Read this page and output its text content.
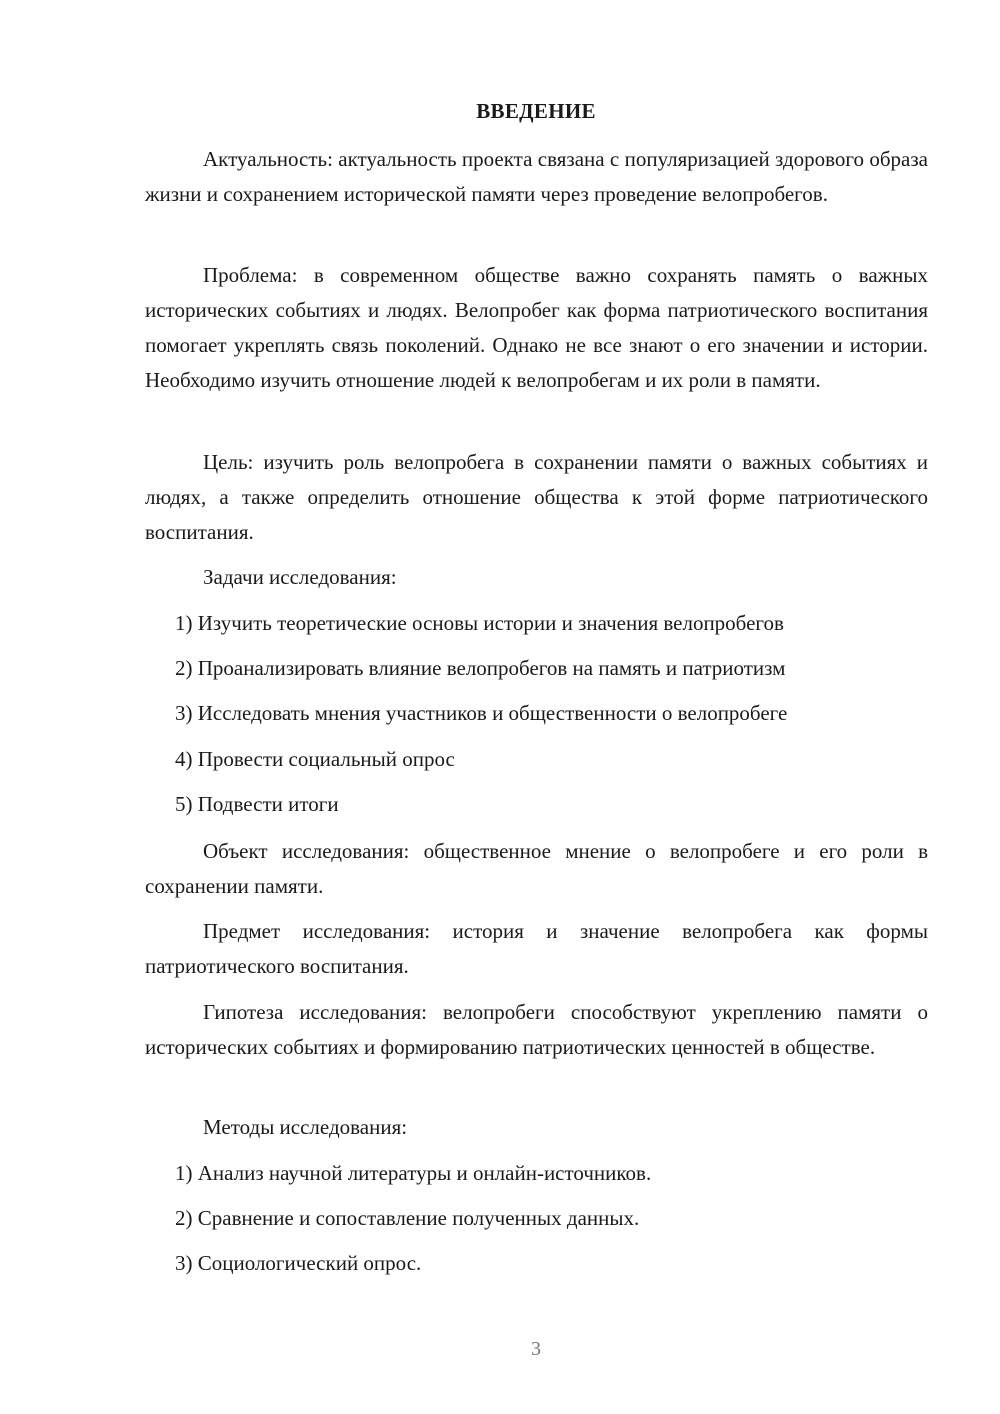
ВВЕДЕНИЕ

Актуальность: актуальность проекта связана с популяризацией здорового образа жизни и сохранением исторической памяти через проведение велопробегов.

Проблема: в современном обществе важно сохранять память о важных исторических событиях и людях. Велопробег как форма патриотического воспитания помогает укреплять связь поколений. Однако не все знают о его значении и истории. Необходимо изучить отношение людей к велопробегам и их роли в памяти.

Цель: изучить роль велопробега в сохранении памяти о важных событиях и людях, а также определить отношение общества к этой форме патриотического воспитания.

Задачи исследования:

1) Изучить теоретические основы истории и значения велопробегов

2) Проанализировать влияние велопробегов на память и патриотизм

3) Исследовать мнения участников и общественности о велопробеге

4) Провести социальный опрос

5) Подвести итоги

Объект исследования: общественное мнение о велопробеге и его роли в сохранении памяти.

Предмет исследования: история и значение велопробега как формы патриотического воспитания.

Гипотеза исследования: велопробеги способствуют укреплению памяти о исторических событиях и формированию патриотических ценностей в обществе.

Методы исследования:

1) Анализ научной литературы и онлайн-источников.

2) Сравнение и сопоставление полученных данных.

3) Социологический опрос.

3
